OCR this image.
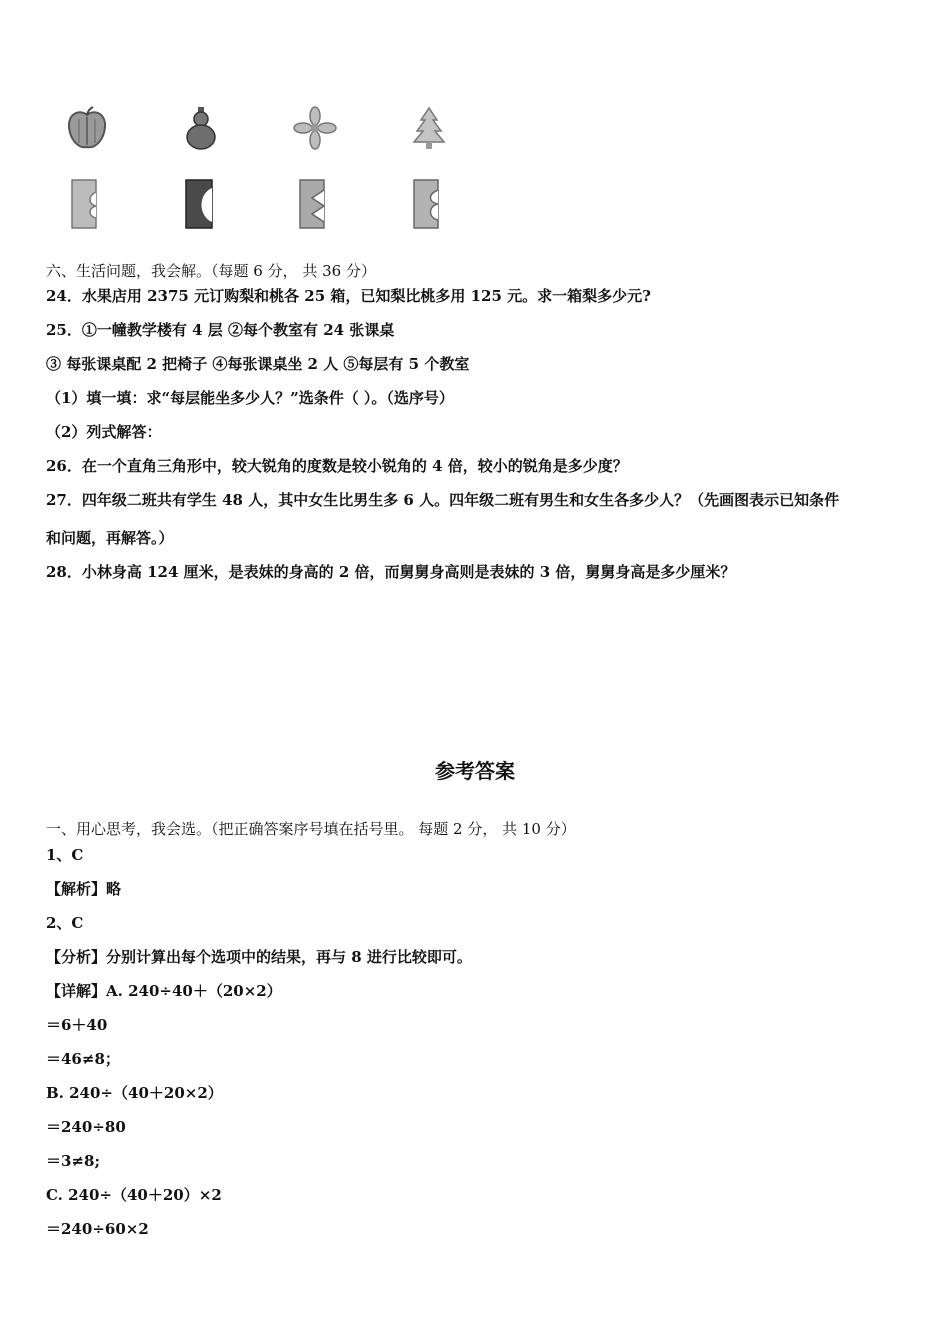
六、生活问题，我会解。（每题 6 分， 共 36 分）
24．水果店用 2375 元订购梨和桃各 25 箱，已知梨比桃多用 125 元。求一箱梨多少元?
25．①一幢教学楼有 4 层 ②每个教室有 24 张课桌
③ 每张课桌配 2 把椅子 ④每张课桌坐 2 人 ⑤每层有 5 个教室
（1）填一填：求“每层能坐多少人？”选条件（ ）。（选序号）
（2）列式解答：
26．在一个直角三角形中，较大锐角的度数是较小锐角的 4 倍，较小的锐角是多少度？
27．四年级二班共有学生 48 人，其中女生比男生多 6 人。四年级二班有男生和女生各多少人？（先画图表示已知条件
和问题，再解答。）
28．小林身高 124 厘米，是表妹的身高的 2 倍，而舅舅身高则是表妹的 3 倍，舅舅身高是多少厘米？
参考答案
一、用心思考，我会选。（把正确答案序号填在括号里。 每题 2 分， 共 10 分）
1、C
【解析】略
2、C
【分析】分别计算出每个选项中的结果，再与 8 进行比较即可。
【详解】A. 240÷40＋（20×2）
＝6＋40
＝46≠8；
B. 240÷（40＋20×2）
＝240÷80
＝3≠8;
C. 240÷（40＋20）×2
＝240÷60×2
